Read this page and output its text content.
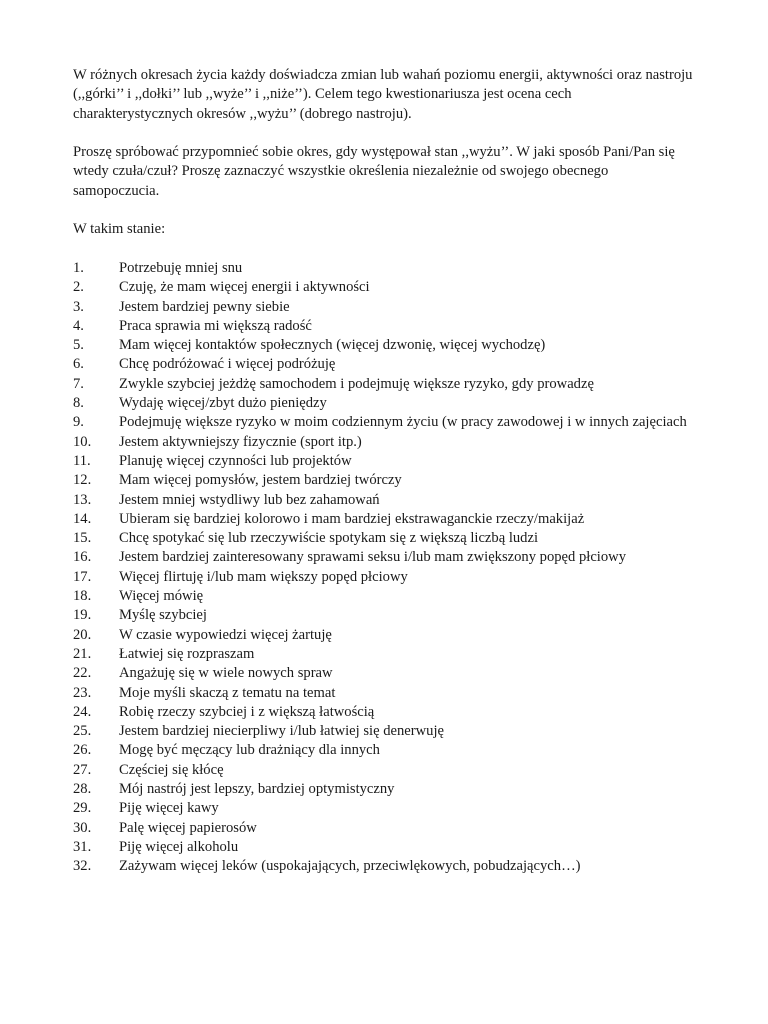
W różnych okresach życia każdy doświadcza zmian lub wahań poziomu energii, aktywności oraz nastroju (,,górki’’ i ,,dołki’’ lub ,,wyże’’ i ,,niże’’). Celem tego kwestionariusza jest ocena cech charakterystycznych okresów ,,wyżu’’ (dobrego nastroju).

Proszę spróbować przypomnieć sobie okres, gdy występował stan ,,wyżu’’. W jaki sposób Pani/Pan się wtedy czuła/czuł? Proszę zaznaczyć wszystkie określenia niezależnie od swojego obecnego samopoczucia.

W takim stanie:

1. Potrzebuję mniej snu
2. Czuję, że mam więcej energii i aktywności
3. Jestem bardziej pewny siebie
4. Praca sprawia mi większą radość
5. Mam więcej kontaktów społecznych (więcej dzwonię, więcej wychodzę)
6. Chcę podróżować i więcej podróżuję
7. Zwykle szybciej jeżdżę samochodem i podejmuję większe ryzyko, gdy prowadzę
8. Wydaję więcej/zbyt dużo pieniędzy
9. Podejmuję większe ryzyko w moim codziennym życiu (w pracy zawodowej i w innych zajęciach
10. Jestem aktywniejszy fizycznie (sport itp.)
11. Planuję więcej czynności lub projektów
12. Mam więcej pomysłów, jestem bardziej twórczy
13. Jestem mniej wstydliwy lub bez zahamowań
14. Ubieram się bardziej kolorowo i mam bardziej ekstrawaganckie rzeczy/makijaż
15. Chcę spotykać się lub rzeczywiście spotykam się z większą liczbą ludzi
16. Jestem bardziej zainteresowany sprawami seksu i/lub mam zwiększony popęd płciowy
17. Więcej flirtuję i/lub mam większy popęd płciowy
18. Więcej mówię
19. Myślę szybciej
20. W czasie wypowiedzi więcej żartuję
21. Łatwiej się rozpraszam
22. Angażuję się w wiele nowych spraw
23. Moje myśli skaczą z tematu na temat
24. Robię rzeczy szybciej i z większą łatwością
25. Jestem bardziej niecierpliwy i/lub łatwiej się denerwuję
26. Mogę być męczący lub drażniący dla innych
27. Częściej się kłócę
28. Mój nastrój jest lepszy, bardziej optymistyczny
29. Piję więcej kawy
30. Palę więcej papierosów
31. Piję więcej alkoholu
32. Zażywam więcej leków (uspokajających, przeciwlękowych, pobudzających…)
